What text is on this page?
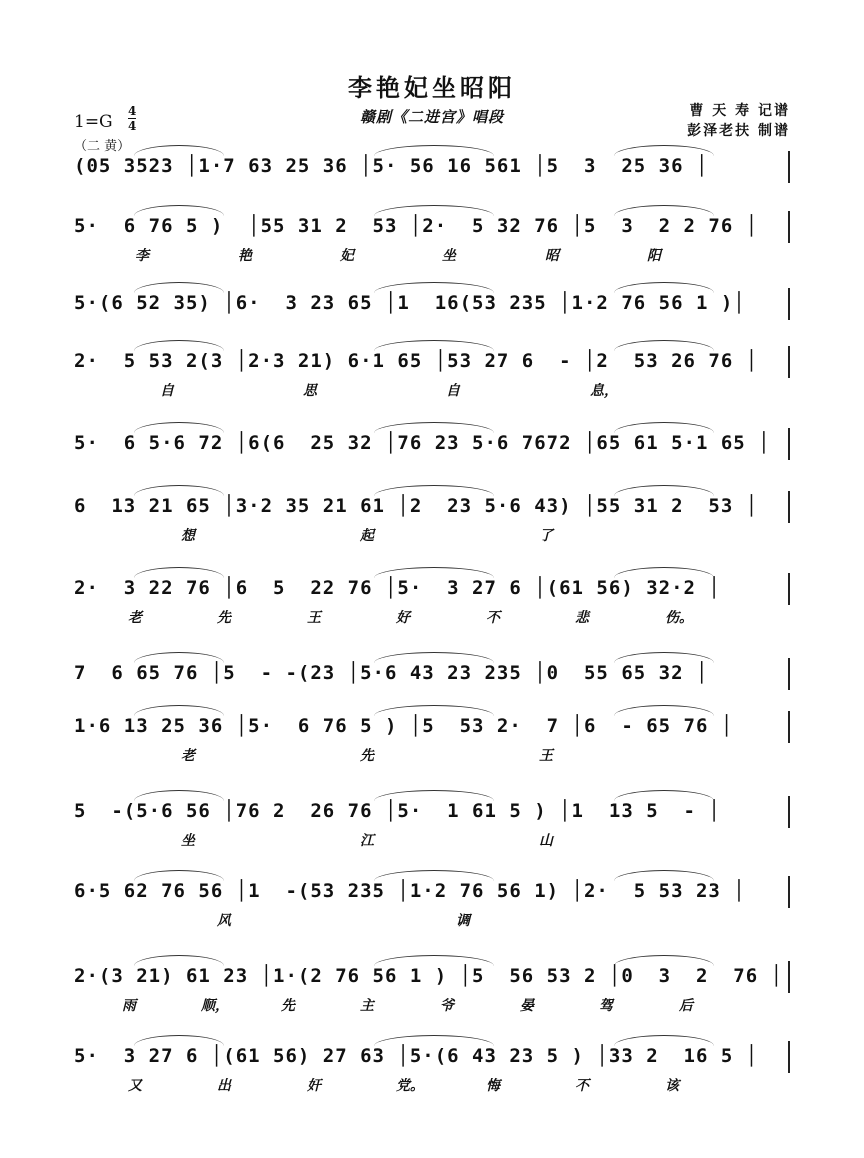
李艳妃坐昭阳
赣剧《二进宫》唱段
1=G
4
4
（二 黄）
曹 天 寿 记谱
彭泽老扶 制谱
(05 3523 │1·7 63 25 36 │5· 56 16 561 │5  3  25 36 │
5·  6 76 5 )  │55 31 2  53 │2·  5 32 76 │5  3  2 2 76 │
李	艳	妃	坐	昭	阳
5·(6 52 35) │6·  3 23 65 │1  16(53 235 │1·2 76 56 1 )│
2·  5 53 2(3 │2·3 21) 6·1 65 │53 27 6  - │2  53 26 76 │
自	思	自	息，
5·  6 5·6 72 │6(6  25 32 │76 23 5·6 7672 │65 61 5·1 65 │
6  13 21 65 │3·2 35 21 61 │2  23 5·6 43) │55 31 2  53 │
想	起	了
2·  3 22 76 │6  5  22 76 │5·  3 27 6 │(61 56) 32·2 │
老	先	王	好	不	悲	伤。
7  6 65 76 │5  - -(23 │5·6 43 23 235 │0  55 65 32 │
1·6 13 25 36 │5·  6 76 5 ) │5  53 2·  7 │6  - 65 76 │
老	先	王
5  -(5·6 56 │76 2  26 76 │5·  1 61 5 ) │1  13 5  - │
坐	江	山
6·5 62 76 56 │1  -(53 235 │1·2 76 56 1) │2·  5 53 23 │
风	调
2·(3 21) 61 23 │1·(2 76 56 1 ) │5  56 53 2 │0  3  2  76 │
雨	顺，	先	主	爷	晏	驾	后
5·  3 27 6 │(61 56) 27 63 │5·(6 43 23 5 ) │33 2  16 5 │
又	出	奸	党。	悔	不	该
